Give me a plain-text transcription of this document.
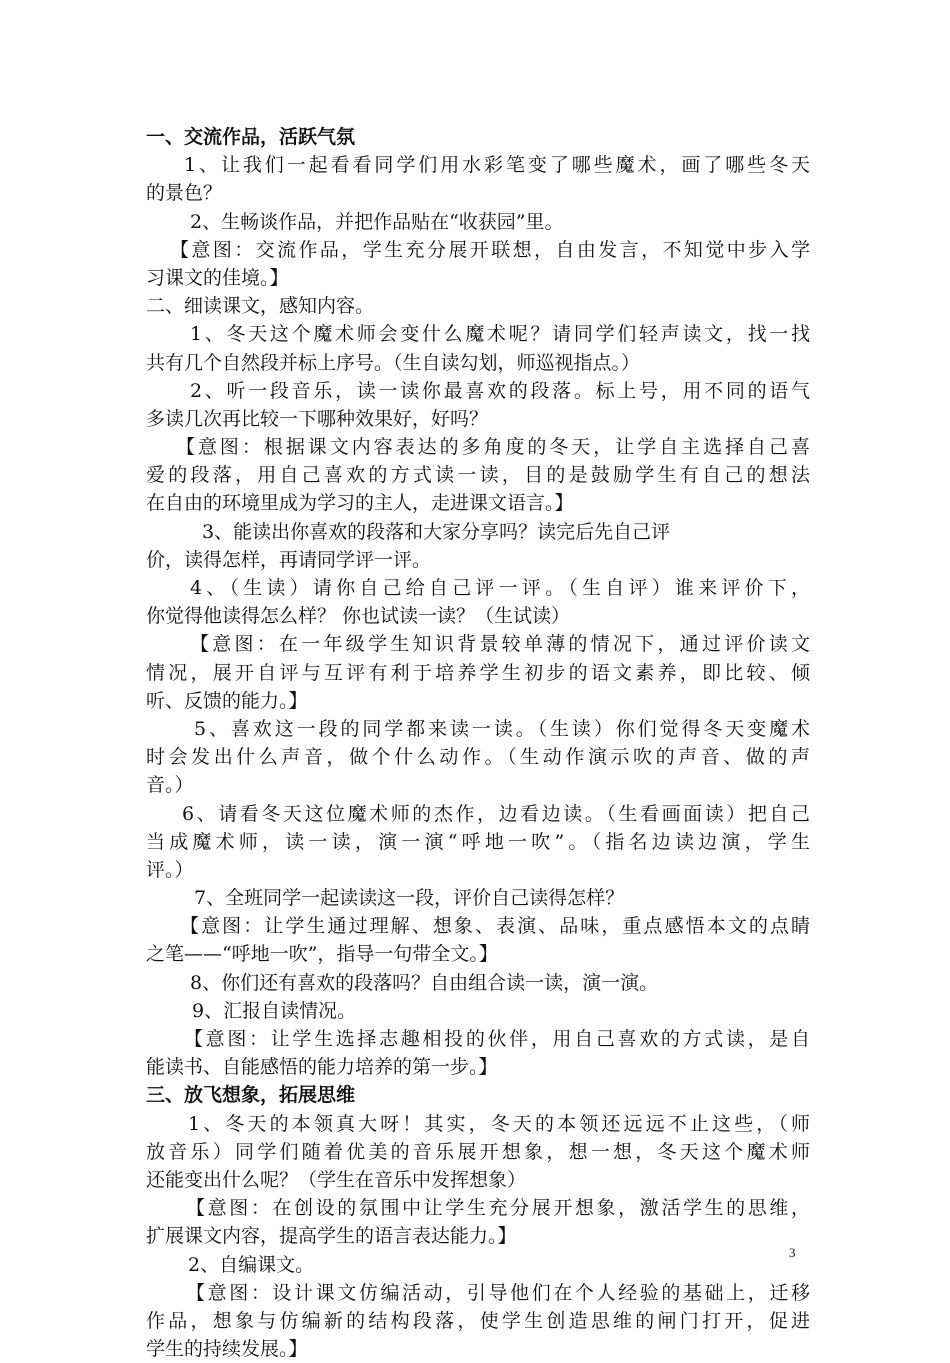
一、交流作品，活跃气氛
1、让我们一起看看同学们用水彩笔变了哪些魔术，画了哪些冬天
的景色？
2、生畅谈作品，并把作品贴在“收获园”里。
【意图：交流作品，学生充分展开联想，自由发言，不知觉中步入学
习课文的佳境。】
二、细读课文，感知内容。
1、冬天这个魔术师会变什么魔术呢？请同学们轻声读文，找一找
共有几个自然段并标上序号。（生自读勾划，师巡视指点。）
2、听一段音乐，读一读你最喜欢的段落。标上号，用不同的语气
多读几次再比较一下哪种效果好，好吗？
【意图：根据课文内容表达的多角度的冬天，让学自主选择自己喜
爱的段落，用自己喜欢的方式读一读，目的是鼓励学生有自己的想法
在自由的环境里成为学习的主人，走进课文语言。】
3、能读出你喜欢的段落和大家分享吗？读完后先自己评
价，读得怎样，再请同学评一评。
4、（生读）请你自己给自己评一评。（生自评）谁来评价下，
你觉得他读得怎么样？ 你也试读一读？（生试读）
【意图：在一年级学生知识背景较单薄的情况下，通过评价读文
情况，展开自评与互评有利于培养学生初步的语文素养，即比较、倾
听、反馈的能力。】
5、喜欢这一段的同学都来读一读。（生读）你们觉得冬天变魔术
时会发出什么声音，做个什么动作。（生动作演示吹的声音、做的声
音。）
6、请看冬天这位魔术师的杰作，边看边读。（生看画面读）把自己
当成魔术师，读一读，演一演“呼地一吹”。（指名边读边演，学生
评。）
7、全班同学一起读读这一段，评价自己读得怎样？
【意图：让学生通过理解、想象、表演、品味，重点感悟本文的点睛
之笔——“呼地一吹”，指导一句带全文。】
8、你们还有喜欢的段落吗？自由组合读一读，演一演。
9、汇报自读情况。
【意图：让学生选择志趣相投的伙伴，用自己喜欢的方式读，是自
能读书、自能感悟的能力培养的第一步。】
三、放飞想象，拓展思维
1、冬天的本领真大呀！其实，冬天的本领还远远不止这些，（师
放音乐）同学们随着优美的音乐展开想象，想一想，冬天这个魔术师
还能变出什么呢？（学生在音乐中发挥想象）
【意图：在创设的氛围中让学生充分展开想象，激活学生的思维，
扩展课文内容，提高学生的语言表达能力。】
2、自编课文。
【意图：设计课文仿编活动，引导他们在个人经验的基础上，迁移
作品，想象与仿编新的结构段落，使学生创造思维的闸门打开，促进
学生的持续发展。】
3
